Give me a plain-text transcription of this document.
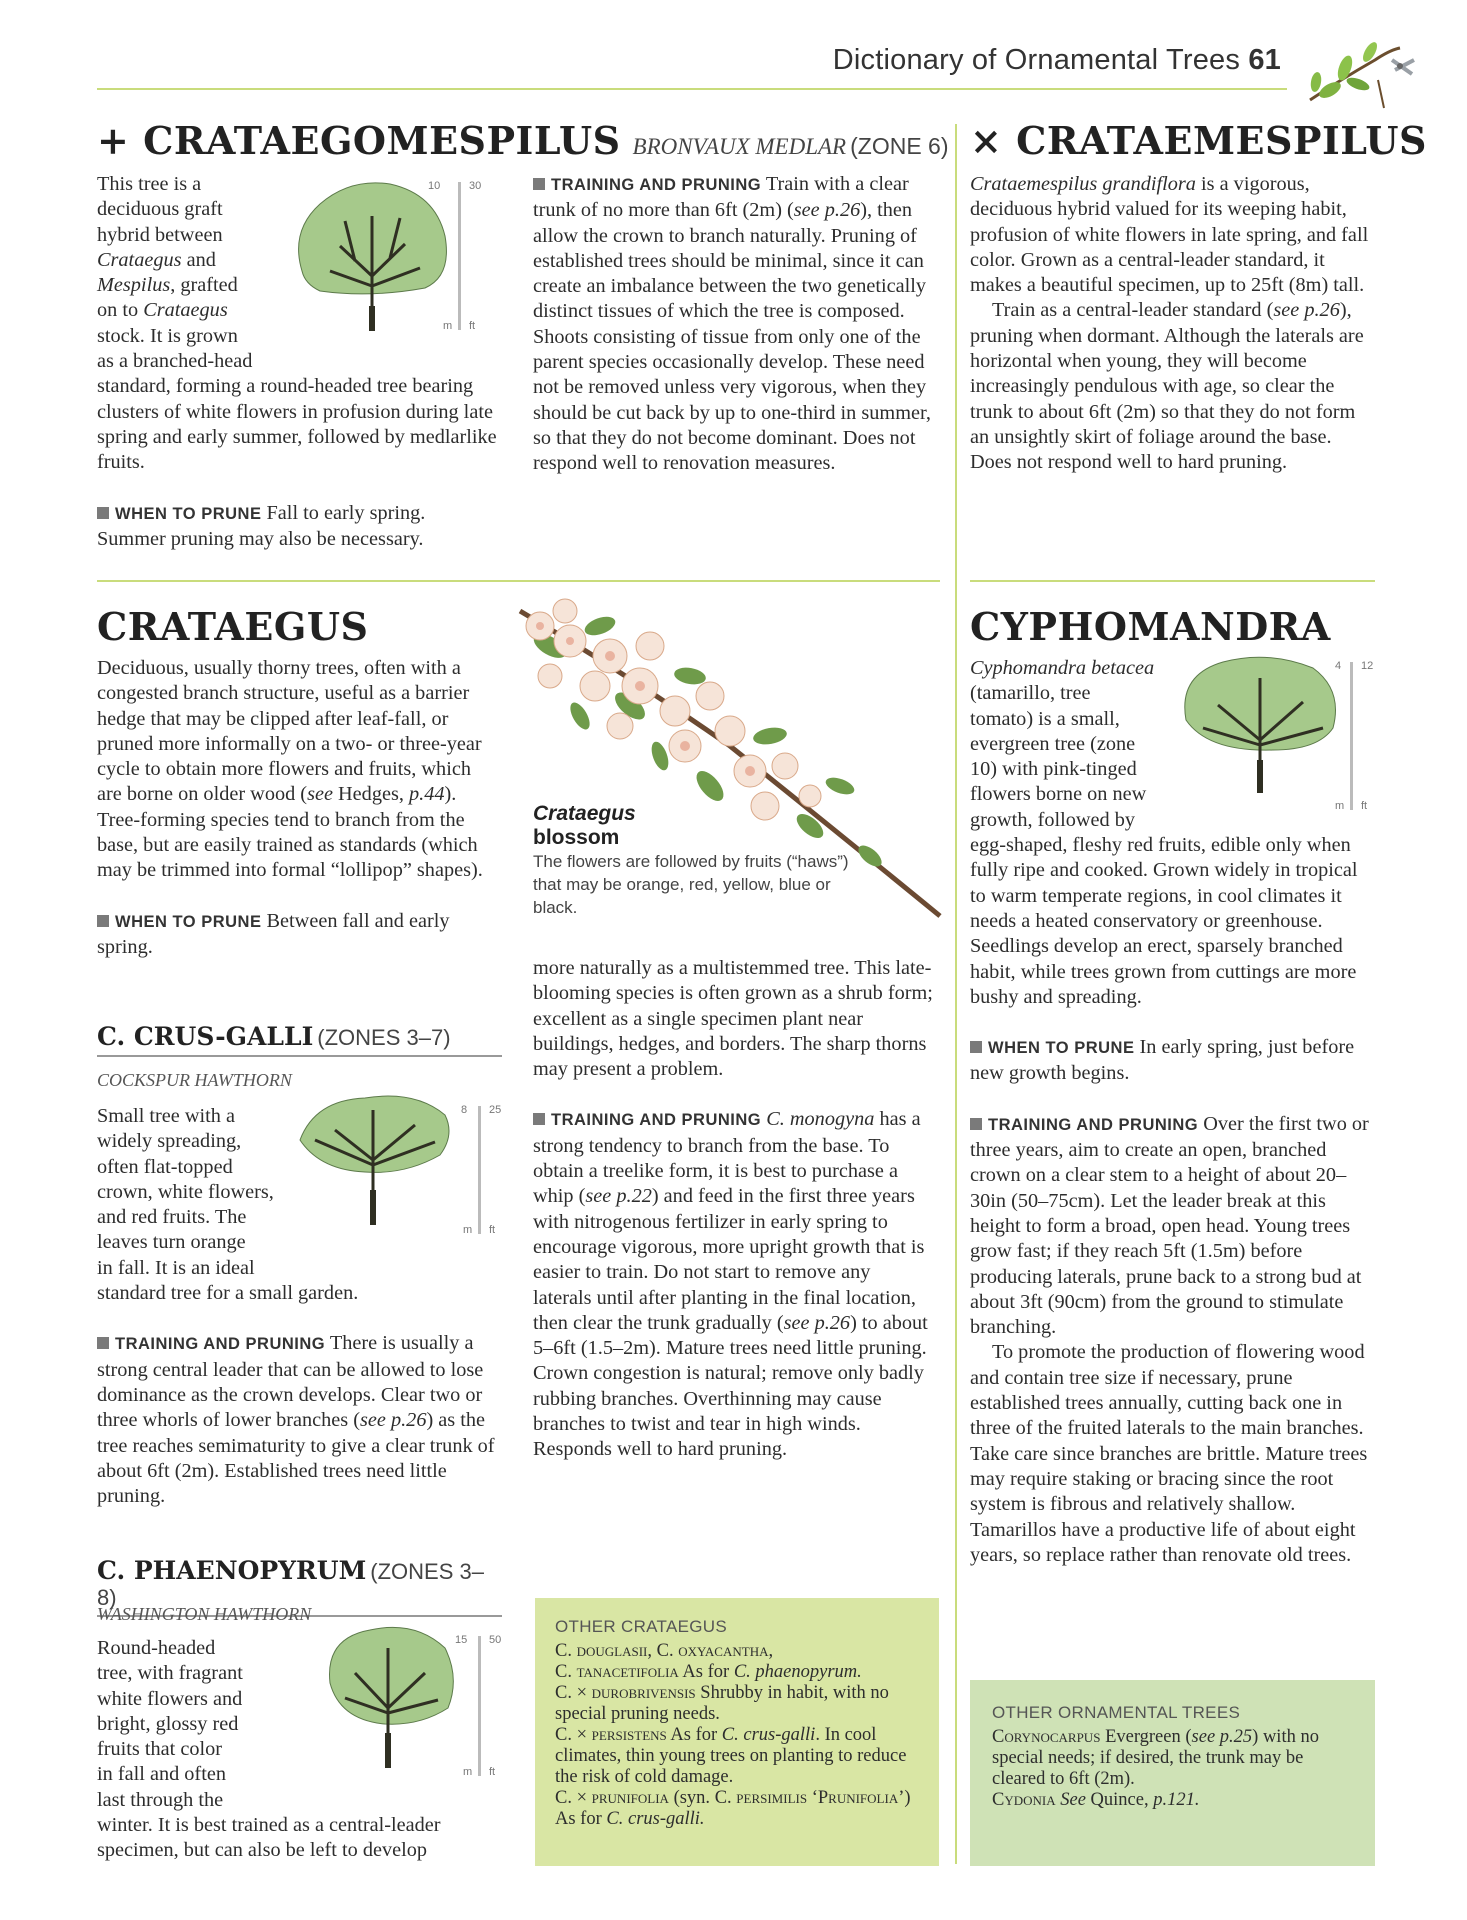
Dictionary of Ornamental Trees 61
+ CRATAEGOMESPILUS BRONVAUX MEDLAR (ZONE 6)
This tree is a
deciduous graft
hybrid between
Crataegus and
Mespilus, grafted
on to Crataegus
stock. It is grown
as a branched-head
standard, forming a round-headed tree bearing clusters of white flowers in profusion during late spring and early summer, followed by medlarlike fruits.
WHEN TO PRUNE Fall to early spring. Summer pruning may also be necessary.
10	30
m ft
TRAINING AND PRUNING Train with a clear trunk of no more than 6ft (2m) (see p.26), then allow the crown to branch naturally. Pruning of established trees should be minimal, since it can create an imbalance between the two genetically distinct tissues of which the tree is composed. Shoots consisting of tissue from only one of the parent species occasionally develop. These need not be removed unless very vigorous, when they should be cut back by up to one-third in summer, so that they do not become dominant. Does not respond well to renovation measures.
× CRATAEMESPILUS

Crataemespilus grandiflora is a vigorous, deciduous hybrid valued for its weeping habit, profusion of white flowers in late spring, and fall color. Grown as a central-leader standard, it makes a beautiful specimen, up to 25ft (8m) tall.

Train as a central-leader standard (see p.26), pruning when dormant. Although the laterals are horizontal when young, they will become increasingly pendulous with age, so clear the trunk to about 6ft (2m) so that they do not form an unsightly skirt of foliage around the base. Does not respond well to hard pruning.

CRATAEGUS

Deciduous, usually thorny trees, often with a congested branch structure, useful as a barrier hedge that may be clipped after leaf-fall, or pruned more informally on a two- or three-year cycle to obtain more flowers and fruits, which are borne on older wood (see Hedges, p.44). Tree-forming species tend to branch from the base, but are easily trained as standards (which may be trimmed into formal “lollipop” shapes).

WHEN TO PRUNE Between fall and early spring.

Crataegus
blossom
The flowers are followed by fruits (“haws”) that may be orange, red, yellow, blue or black.
C. CRUS-GALLI (ZONES 3–7)
COCKSPUR HAWTHORN
Small tree with a
widely spreading,
often flat-topped
crown, white flowers,
and red fruits. The
leaves turn orange
in fall. It is an ideal
standard tree for a small garden.

TRAINING AND PRUNING There is usually a strong central leader that can be allowed to lose dominance as the crown develops. Clear two or three whorls of lower branches (see p.26) as the tree reaches semimaturity to give a clear trunk of about 6ft (2m). Established trees need little pruning.

8 25
m ft
C. PHAENOPYRUM (ZONES 3–8)
WASHINGTON HAWTHORN
Round-headed
tree, with fragrant
white flowers and
bright, glossy red
fruits that color
in fall and often
last through the
winter. It is best trained as a central-leader specimen, but can also be left to develop
15 50
m ft

more naturally as a multistemmed tree. This late-blooming species is often grown as a shrub form; excellent as a single specimen plant near buildings, hedges, and borders. The sharp thorns may present a problem.

TRAINING AND PRUNING C. monogyna has a strong tendency to branch from the base. To obtain a treelike form, it is best to purchase a whip (see p.22) and feed in the first three years with nitrogenous fertilizer in early spring to encourage vigorous, more upright growth that is easier to train. Do not start to remove any laterals until after planting in the final location, then clear the trunk gradually (see p.26) to about 5–6ft (1.5–2m). Mature trees need little pruning. Crown congestion is natural; remove only badly rubbing branches. Overthinning may cause branches to twist and tear in high winds. Responds well to hard pruning.

OTHER CRATAEGUS
C. douglasii, C. oxyacantha,
C. tanacetifolia As for C. phaenopyrum.
C. × durobrivensis Shrubby in habit, with no special pruning needs.
C. × persistens As for C. crus-galli. In cool climates, thin young trees on planting to reduce the risk of cold damage.
C. × prunifolia (syn. C. persimilis ‘Prunifolia’) As for C. crus-galli.
CYPHOMANDRA
4 12
m ft
Cyphomandra betacea
(tamarillo, tree
tomato) is a small,
evergreen tree (zone
10) with pink-tinged
flowers borne on new
growth, followed by

egg-shaped, fleshy red fruits, edible only when fully ripe and cooked. Grown widely in tropical to warm temperate regions, in cool climates it needs a heated conservatory or greenhouse. Seedlings develop an erect, sparsely branched habit, while trees grown from cuttings are more bushy and spreading.

WHEN TO PRUNE In early spring, just before new growth begins.

TRAINING AND PRUNING Over the first two or three years, aim to create an open, branched crown on a clear stem to a height of about 20–30in (50–75cm). Let the leader break at this height to form a broad, open head. Young trees grow fast; if they reach 5ft (1.5m) before producing laterals, prune back to a strong bud at about 3ft (90cm) from the ground to stimulate branching.

To promote the production of flowering wood and contain tree size if necessary, prune established trees annually, cutting back one in three of the fruited laterals to the main branches. Take care since branches are brittle. Mature trees may require staking or bracing since the root system is fibrous and relatively shallow. Tamarillos have a productive life of about eight years, so replace rather than renovate old trees.

OTHER ORNAMENTAL TREES
Corynocarpus Evergreen (see p.25) with no special needs; if desired, the trunk may be cleared to 6ft (2m).
Cydonia See Quince, p.121.
